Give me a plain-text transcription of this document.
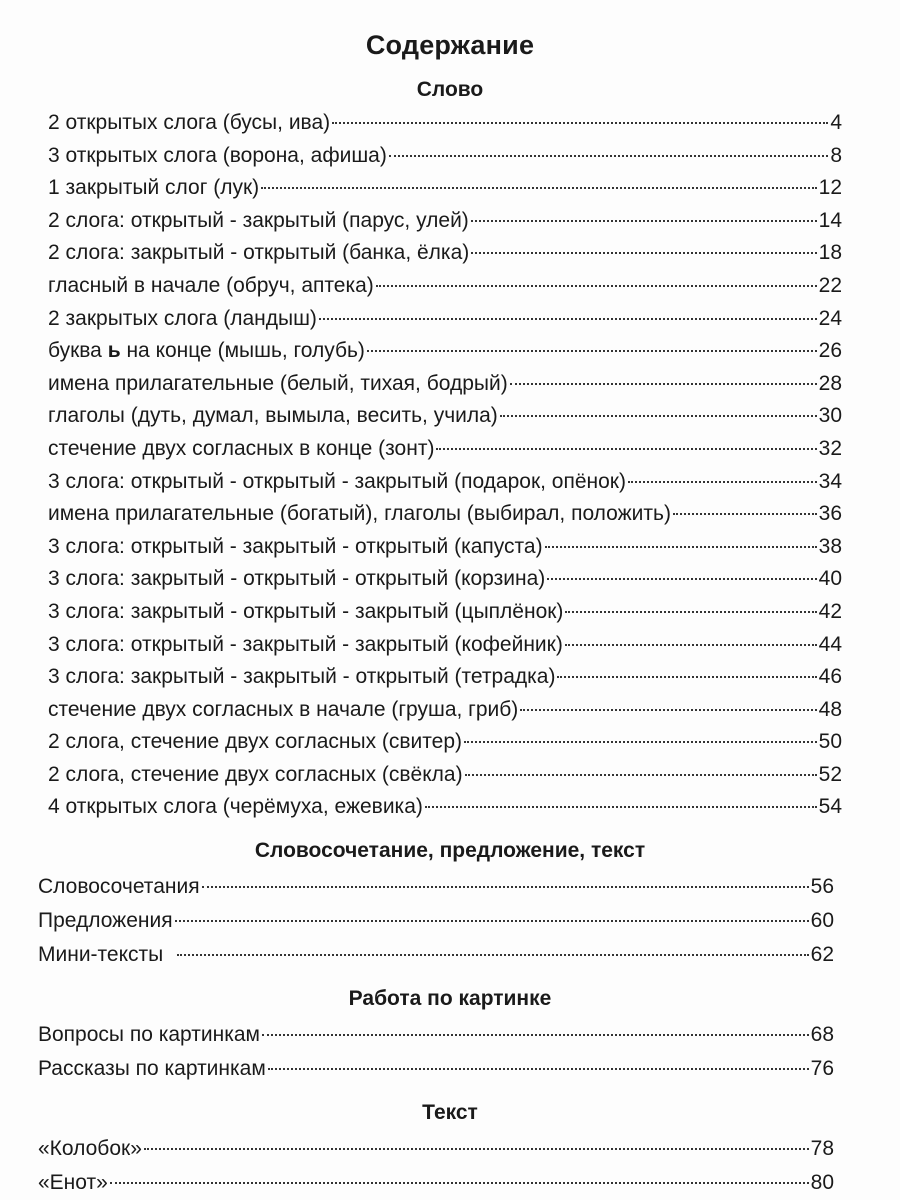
Содержание
Слово
2 открытых слога (бусы, ива)	4
3 открытых слога (ворона, афиша)	8
1 закрытый слог (лук)	12
2 слога: открытый - закрытый (парус, улей)	14
2 слога: закрытый - открытый (банка, ёлка)	18
гласный в начале (обруч, аптека)	22
2 закрытых слога (ландыш)	24
буква ь на конце (мышь, голубь)	26
имена прилагательные (белый, тихая, бодрый)	28
глаголы (дуть, думал, вымыла, весить, учила)	30
стечение двух согласных в конце (зонт)	32
3 слога: открытый - открытый - закрытый (подарок, опёнок)	34
имена прилагательные (богатый), глаголы (выбирал, положить)	36
3 слога: открытый - закрытый - открытый (капуста)	38
3 слога: закрытый - открытый - открытый (корзина)	40
3 слога: закрытый - открытый - закрытый (цыплёнок)	42
3 слога: открытый - закрытый - закрытый (кофейник)	44
3 слога: закрытый - закрытый - открытый (тетрадка)	46
стечение двух согласных в начале (груша, гриб)	48
2 слога, стечение двух согласных (свитер)	50
2 слога, стечение двух согласных (свёкла)	52
4 открытых слога (черёмуха, ежевика)	54
Словосочетание, предложение, текст
Словосочетания	56
Предложения	60
Мини-тексты	62
Работа по картинке
Вопросы по картинкам	68
Рассказы по картинкам	76
Текст
«Колобок»	78
«Енот»	80
